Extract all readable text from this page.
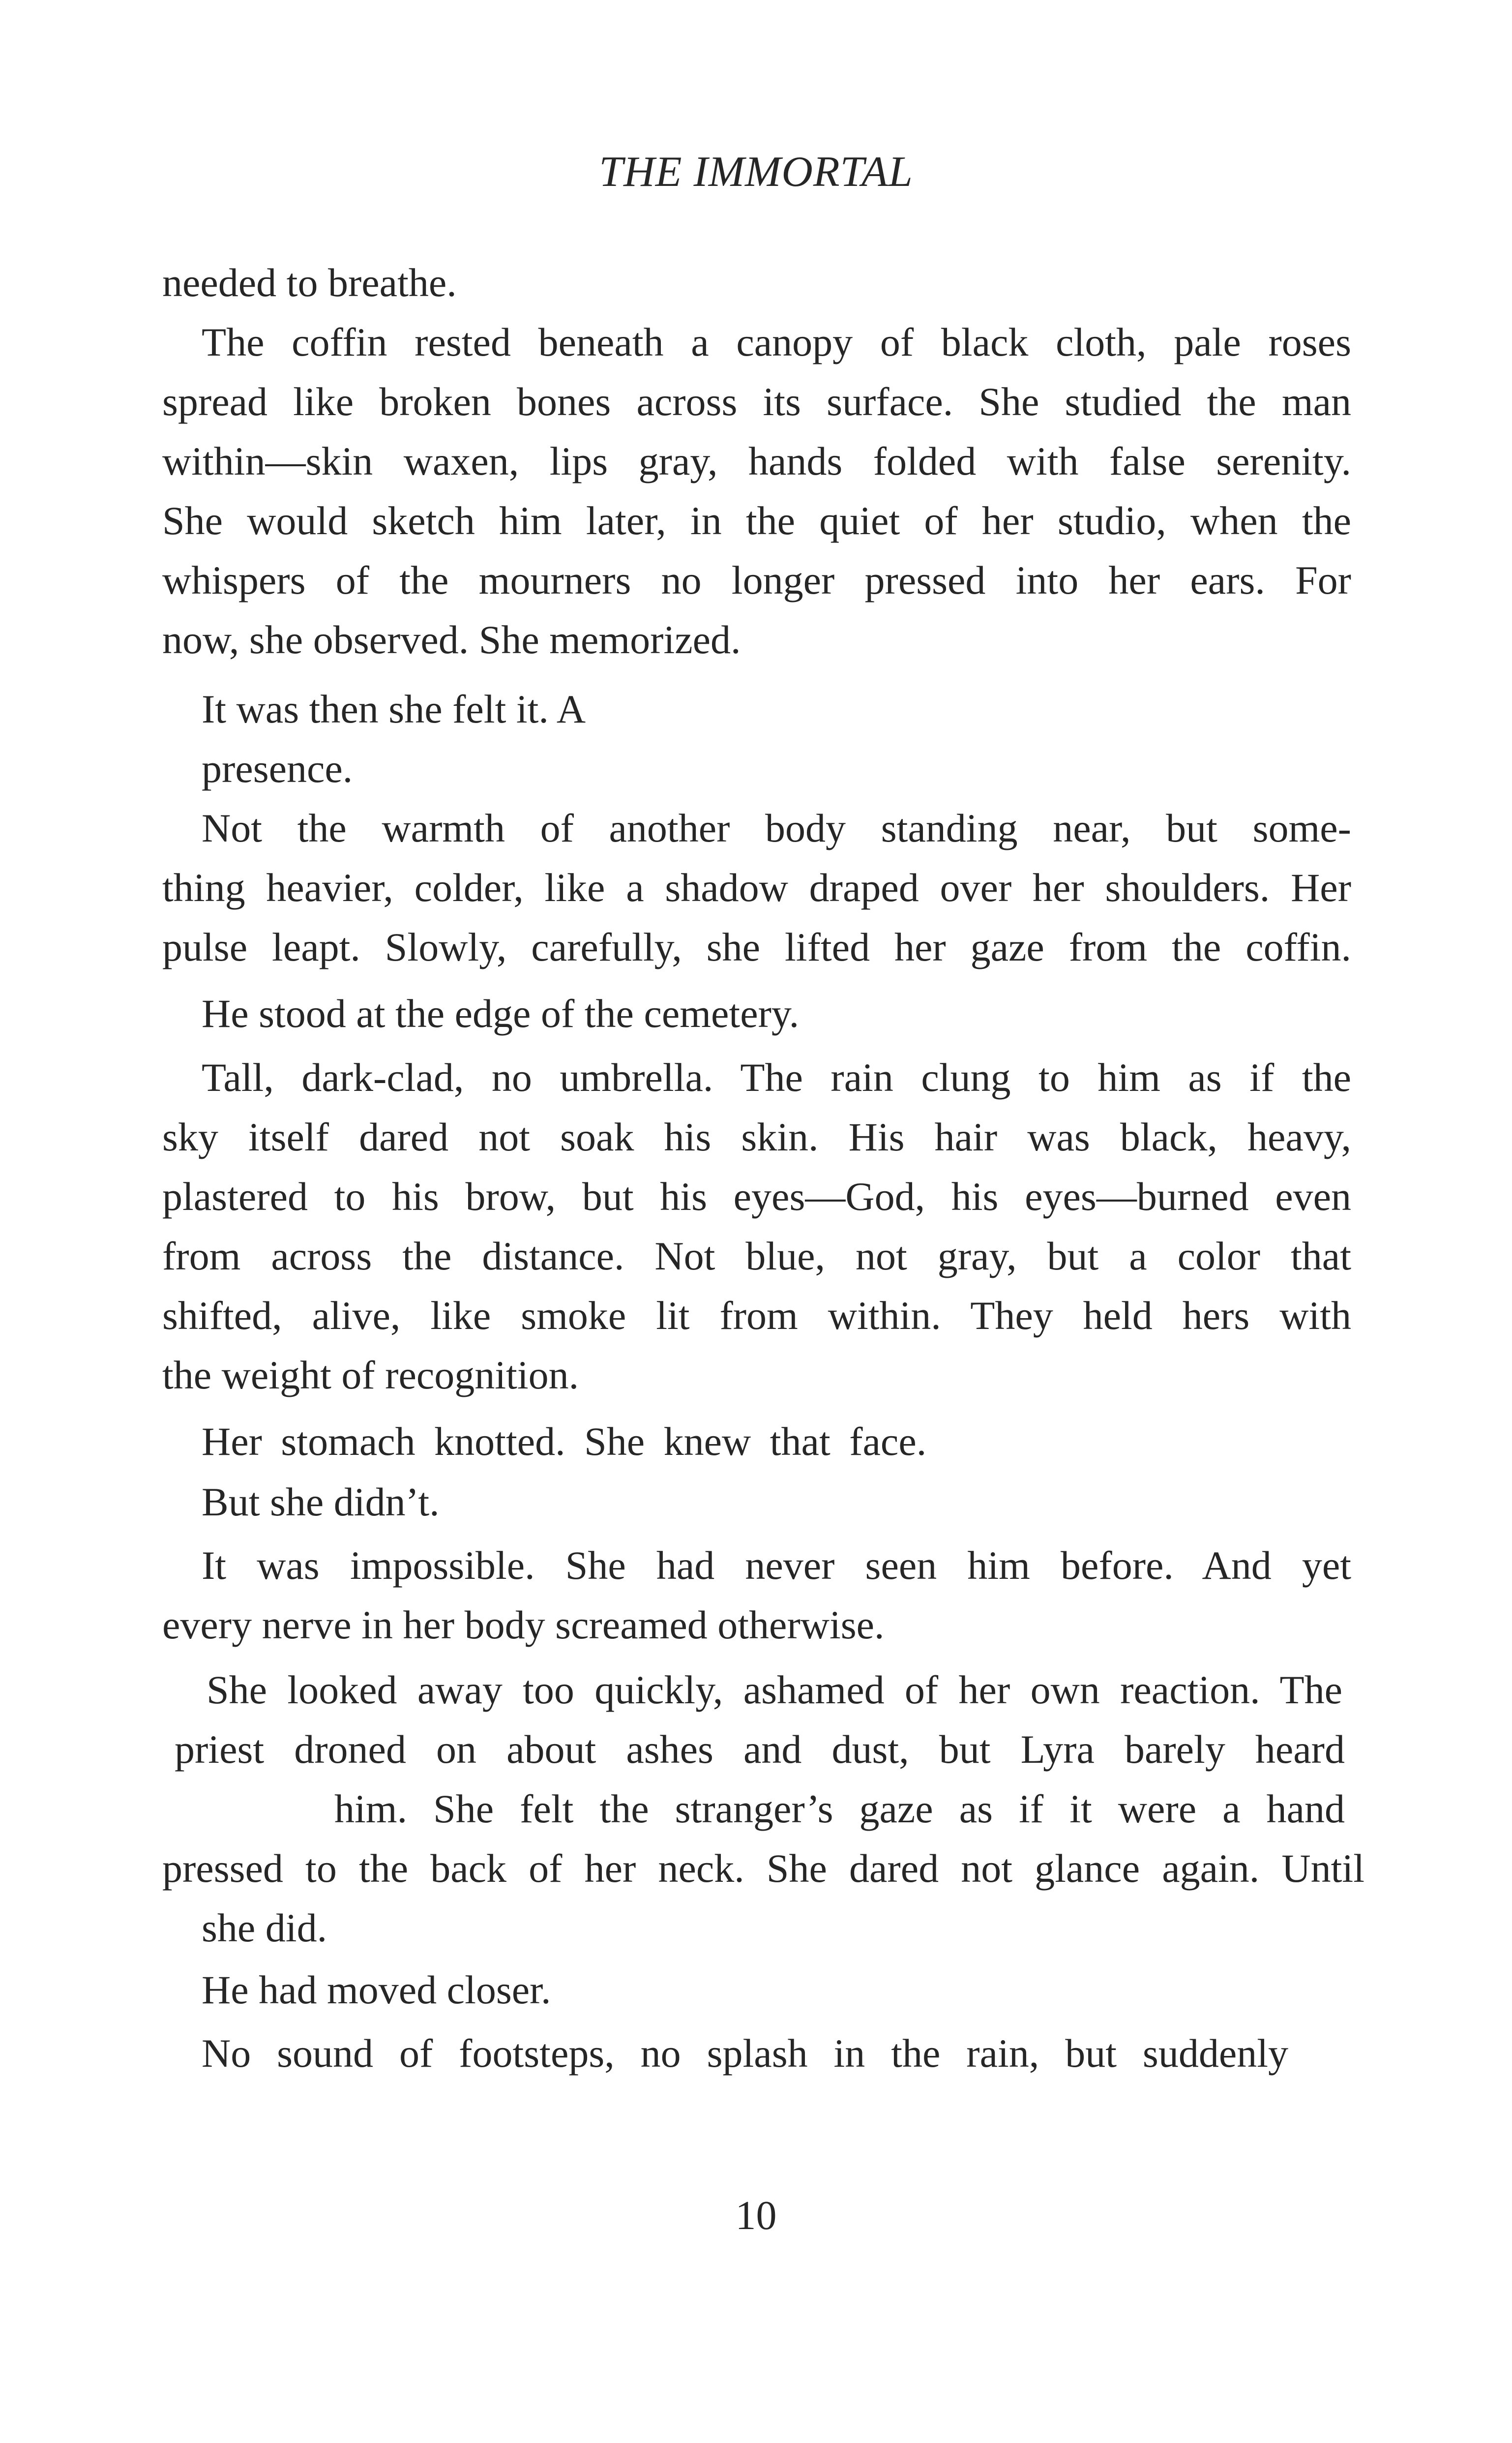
THE IMMORTAL
needed to breathe.
The coffin rested beneath a canopy of black cloth, pale roses
spread like broken bones across its surface. She studied the man
within—skin waxen, lips gray, hands folded with false serenity.
She would sketch him later, in the quiet of her studio, when the
whispers of the mourners no longer pressed into her ears. For
now, she observed. She memorized.
It was then she felt it. A
presence.
Not the warmth of another body standing near, but some-
thing heavier, colder, like a shadow draped over her shoulders. Her
pulse leapt. Slowly, carefully, she lifted her gaze from the coffin.
He stood at the edge of the cemetery.
Tall, dark-clad, no umbrella. The rain clung to him as if the
sky itself dared not soak his skin. His hair was black, heavy,
plastered to his brow, but his eyes—God, his eyes—burned even
from across the distance. Not blue, not gray, but a color that
shifted, alive, like smoke lit from within. They held hers with
the weight of recognition.
Her stomach knotted. She knew that face.
But she didn’t.
It was impossible. She had never seen him before. And yet
every nerve in her body screamed otherwise.
She looked away too quickly, ashamed of her own reaction. The
priest droned on about ashes and dust, but Lyra barely heard
him. She felt the stranger’s gaze as if it were a hand
pressed to the back of her neck. She dared not glance again. Until
she did.
He had moved closer.
No sound of footsteps, no splash in the rain, but suddenly
10
